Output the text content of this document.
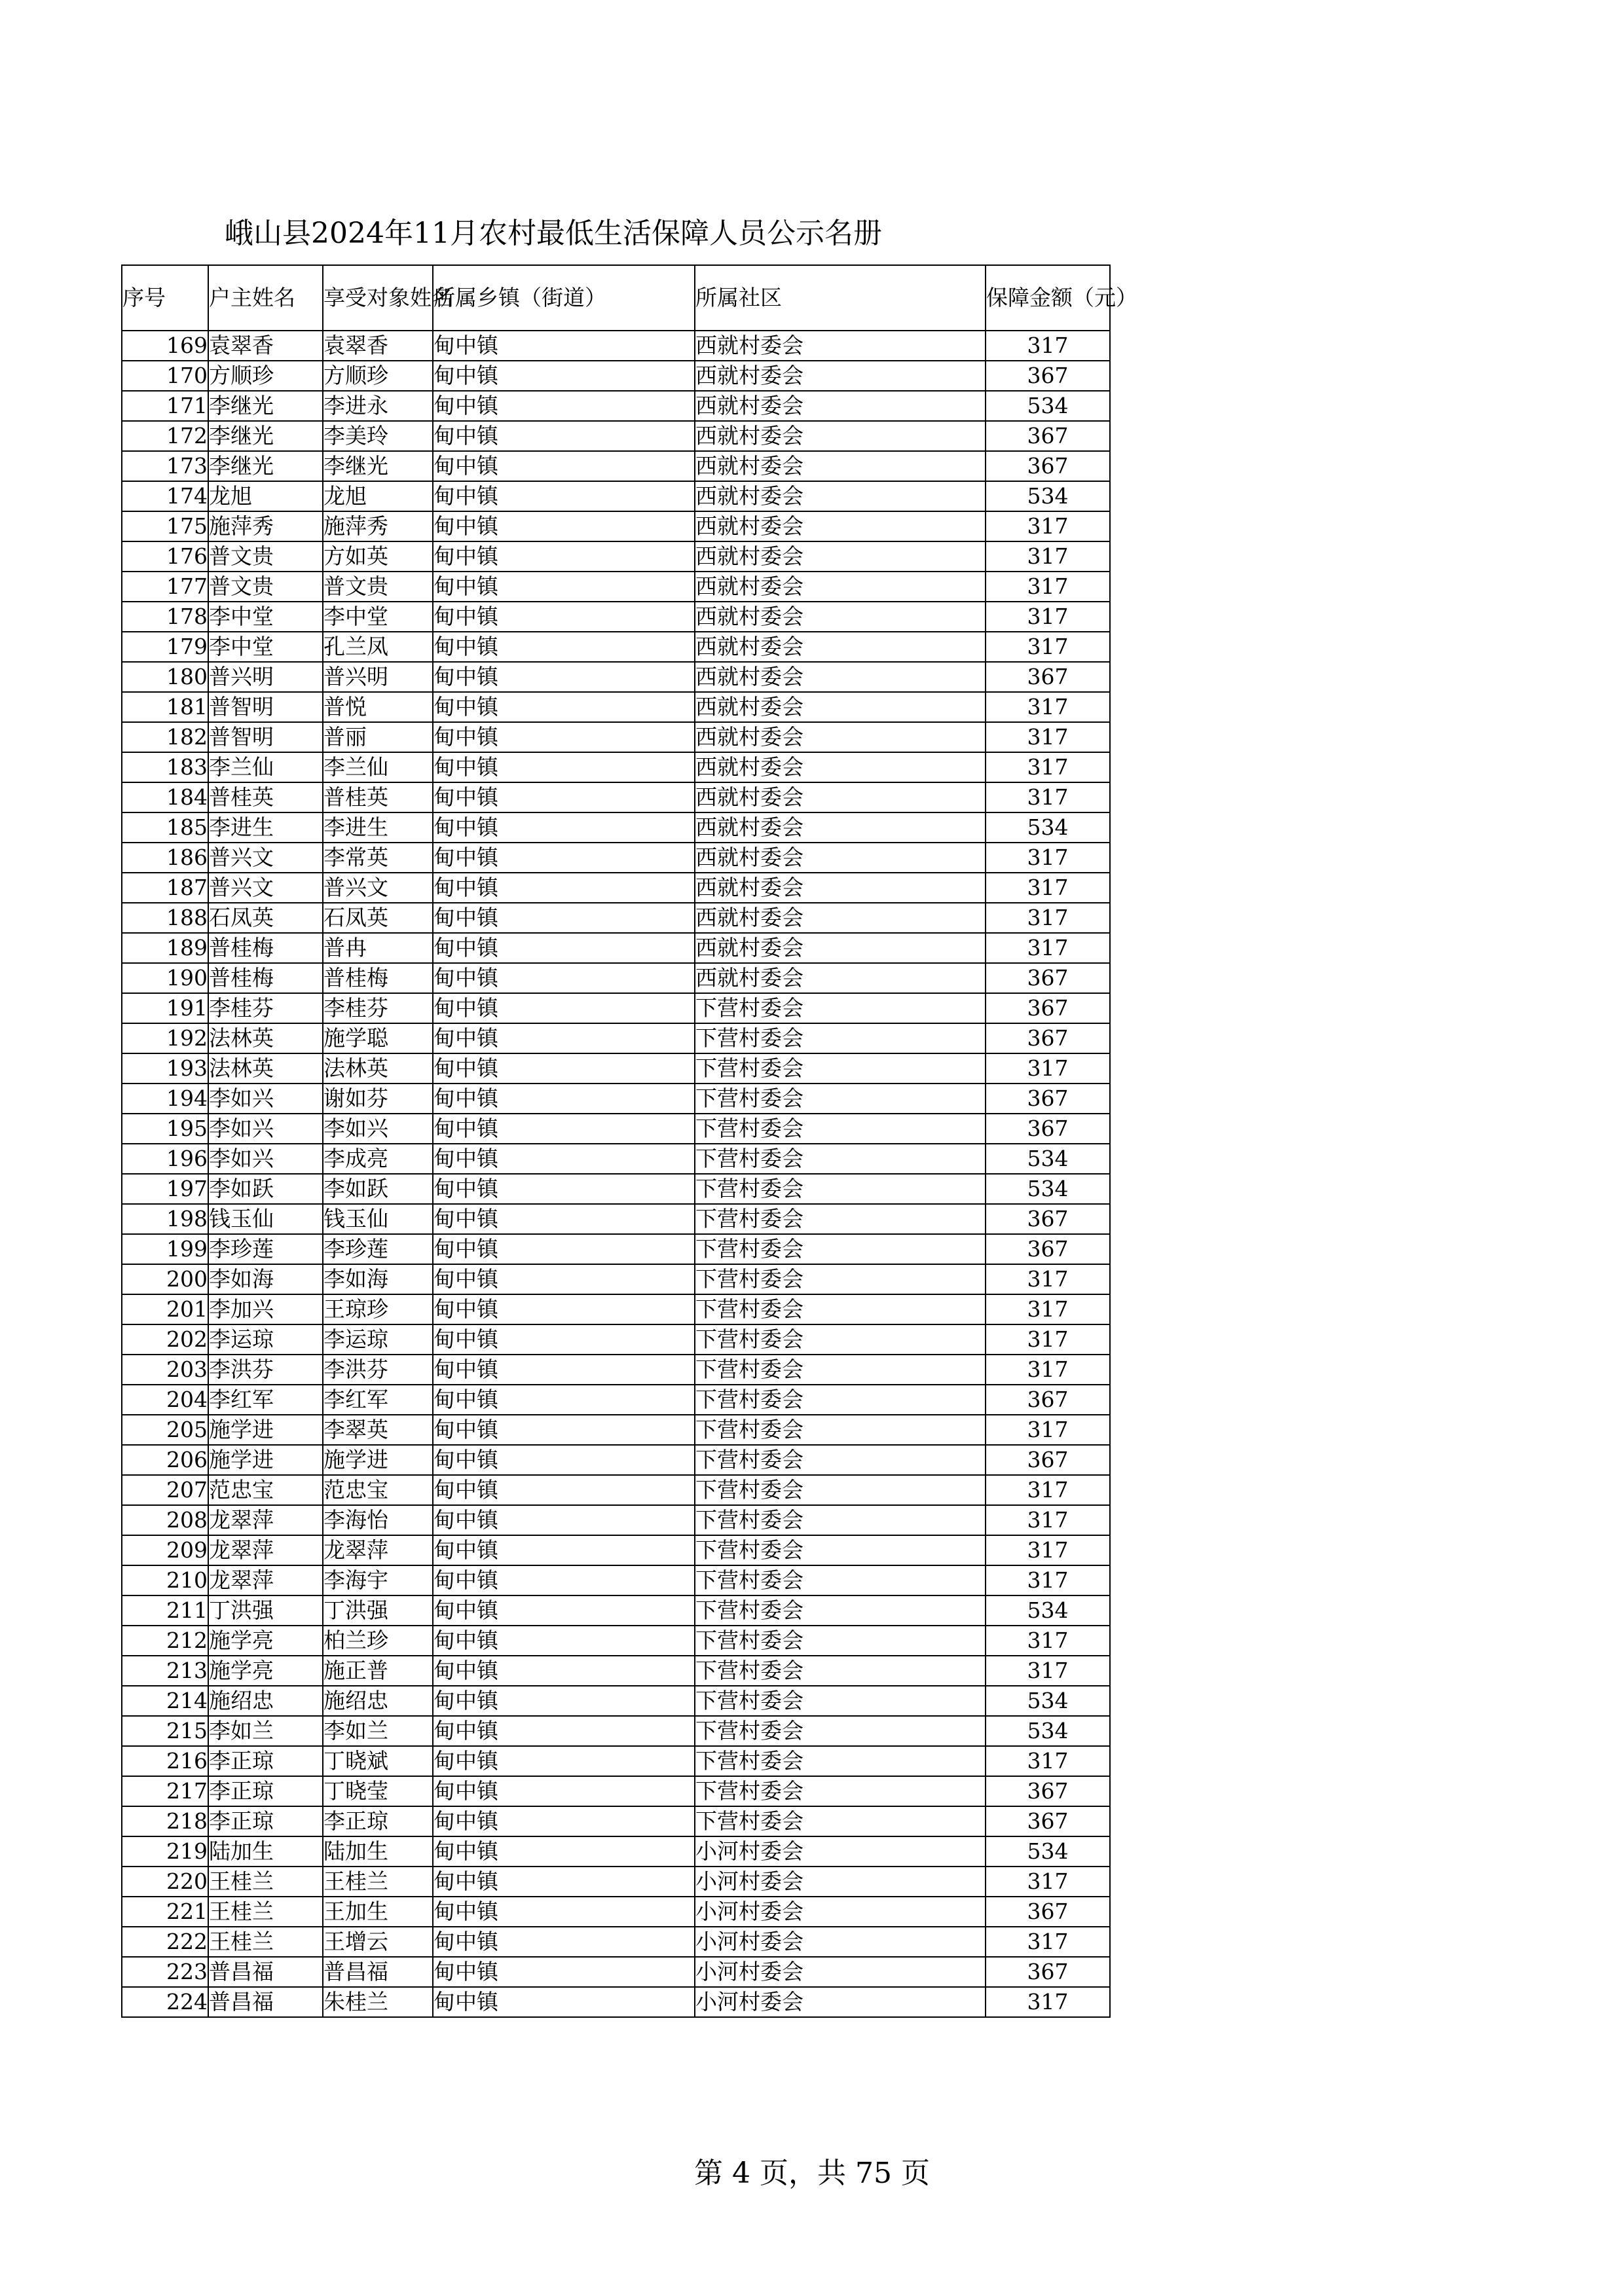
峨山县2024年11月农村最低生活保障人员公示名册
序号	户主姓名	享受对象姓名	所属乡镇（街道）	所属社区	保障金额（元）
169	袁翠香	袁翠香	甸中镇	西就村委会	317
170	方顺珍	方顺珍	甸中镇	西就村委会	367
171	李继光	李进永	甸中镇	西就村委会	534
172	李继光	李美玲	甸中镇	西就村委会	367
173	李继光	李继光	甸中镇	西就村委会	367
174	龙旭	龙旭	甸中镇	西就村委会	534
175	施萍秀	施萍秀	甸中镇	西就村委会	317
176	普文贵	方如英	甸中镇	西就村委会	317
177	普文贵	普文贵	甸中镇	西就村委会	317
178	李中堂	李中堂	甸中镇	西就村委会	317
179	李中堂	孔兰凤	甸中镇	西就村委会	317
180	普兴明	普兴明	甸中镇	西就村委会	367
181	普智明	普悦	甸中镇	西就村委会	317
182	普智明	普丽	甸中镇	西就村委会	317
183	李兰仙	李兰仙	甸中镇	西就村委会	317
184	普桂英	普桂英	甸中镇	西就村委会	317
185	李进生	李进生	甸中镇	西就村委会	534
186	普兴文	李常英	甸中镇	西就村委会	317
187	普兴文	普兴文	甸中镇	西就村委会	317
188	石凤英	石凤英	甸中镇	西就村委会	317
189	普桂梅	普冉	甸中镇	西就村委会	317
190	普桂梅	普桂梅	甸中镇	西就村委会	367
191	李桂芬	李桂芬	甸中镇	下营村委会	367
192	法林英	施学聪	甸中镇	下营村委会	367
193	法林英	法林英	甸中镇	下营村委会	317
194	李如兴	谢如芬	甸中镇	下营村委会	367
195	李如兴	李如兴	甸中镇	下营村委会	367
196	李如兴	李成亮	甸中镇	下营村委会	534
197	李如跃	李如跃	甸中镇	下营村委会	534
198	钱玉仙	钱玉仙	甸中镇	下营村委会	367
199	李珍莲	李珍莲	甸中镇	下营村委会	367
200	李如海	李如海	甸中镇	下营村委会	317
201	李加兴	王琼珍	甸中镇	下营村委会	317
202	李运琼	李运琼	甸中镇	下营村委会	317
203	李洪芬	李洪芬	甸中镇	下营村委会	317
204	李红军	李红军	甸中镇	下营村委会	367
205	施学进	李翠英	甸中镇	下营村委会	317
206	施学进	施学进	甸中镇	下营村委会	367
207	范忠宝	范忠宝	甸中镇	下营村委会	317
208	龙翠萍	李海怡	甸中镇	下营村委会	317
209	龙翠萍	龙翠萍	甸中镇	下营村委会	317
210	龙翠萍	李海宇	甸中镇	下营村委会	317
211	丁洪强	丁洪强	甸中镇	下营村委会	534
212	施学亮	柏兰珍	甸中镇	下营村委会	317
213	施学亮	施正普	甸中镇	下营村委会	317
214	施绍忠	施绍忠	甸中镇	下营村委会	534
215	李如兰	李如兰	甸中镇	下营村委会	534
216	李正琼	丁晓斌	甸中镇	下营村委会	317
217	李正琼	丁晓莹	甸中镇	下营村委会	367
218	李正琼	李正琼	甸中镇	下营村委会	367
219	陆加生	陆加生	甸中镇	小河村委会	534
220	王桂兰	王桂兰	甸中镇	小河村委会	317
221	王桂兰	王加生	甸中镇	小河村委会	367
222	王桂兰	王增云	甸中镇	小河村委会	317
223	普昌福	普昌福	甸中镇	小河村委会	367
224	普昌福	朱桂兰	甸中镇	小河村委会	317
第 4 页，共 75 页
